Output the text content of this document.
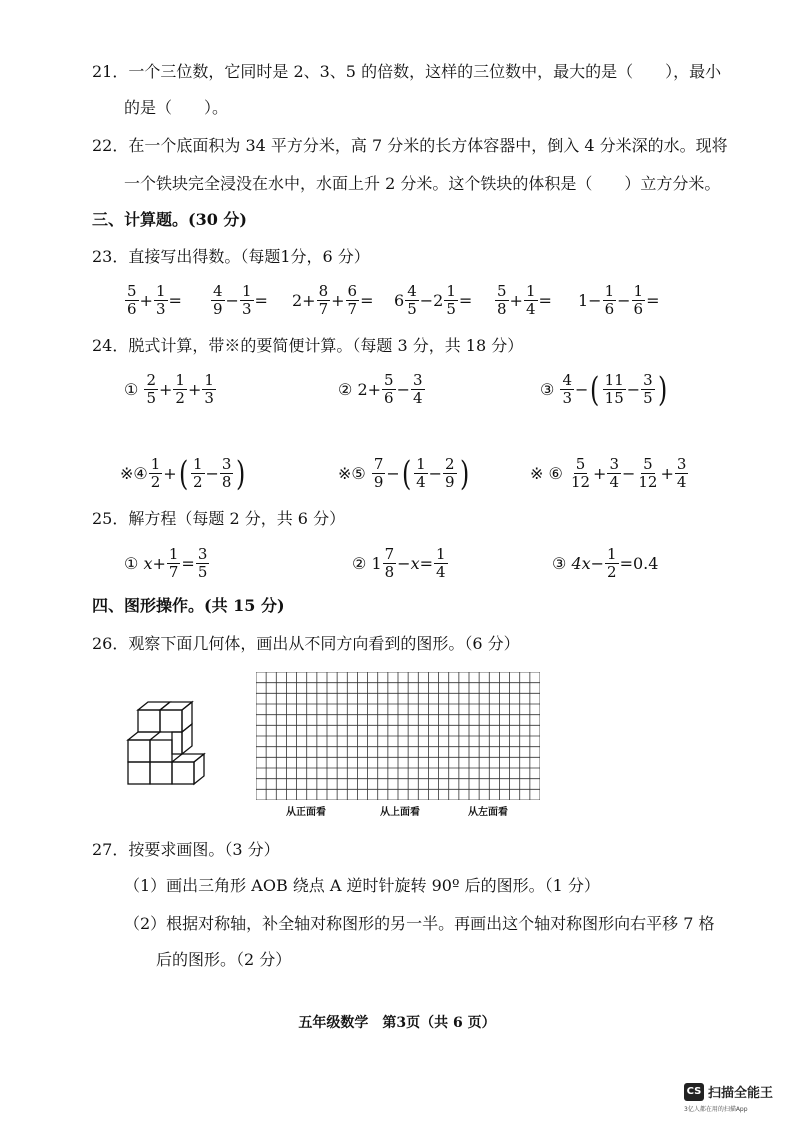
21．一个三位数，它同时是 2、3、5 的倍数，这样的三位数中，最大的是（　　），最小
的是（　　）。
22．在一个底面积为 34 平方分米，高 7 分米的长方体容器中，倒入 4 分米深的水。现将
一个铁块完全浸没在水中，水面上升 2 分米。这个铁块的体积是（　　）立方分米。
三、计算题。(30 分)
23．直接写出得数。（每题1分，6 分）
$\frac{5}{6} + \frac{1}{3} = \frac{4}{9} - \frac{1}{3} = 2+ \frac{8}{7} + \frac{6}{7} = 6 \frac{4}{5} -2 \frac{1}{5} = \frac{5}{8} + \frac{1}{4} = 1- \frac{1}{6} - \frac{1}{6}$ =
24．脱式计算，带※的要简便计算。（每题 3 分，共 18 分）
①
$\frac{2}{5} + \frac{1}{2} + \frac{1}{3}$	②
$2+ \frac{5}{6} - \frac{3}{4}$	③
$\frac{4}{3}$ − ( $\frac{11}{15} - \frac{3}{5}$ )
※④ $\frac{1}{2}$ + ( $\frac{1}{2} - \frac{3}{8}$ )	※⑤
$\frac{7}{9}$ − ( $\frac{1}{4} - \frac{2}{9}$ )	※ ⑥
$\frac{5}{12} + \frac{3}{4} - \frac{5}{12} + \frac{3}{4}$
25．解方程（每题 2 分，共 6 分）
①
$x+ \frac{1}{7} = \frac{3}{5}$	②
$1 \frac{7}{8} -x= \frac{1}{4}$	③
$4x- \frac{1}{2} =0.4$
四、图形操作。(共 15 分)
26．观察下面几何体，画出从不同方向看到的图形。（6 分）
从正面看	从上面看	从左面看
27．按要求画图。（3 分）
（1）画出三角形 AOB 绕点 A 逆时针旋转 90º 后的图形。（1 分）
（2）根据对称轴，补全轴对称图形的另一半。再画出这个轴对称图形向右平移 7 格
后的图形。（2 分）
五年级数学　第3页（共 6 页）
CS 扫描全能王
3亿人都在用的扫描App
